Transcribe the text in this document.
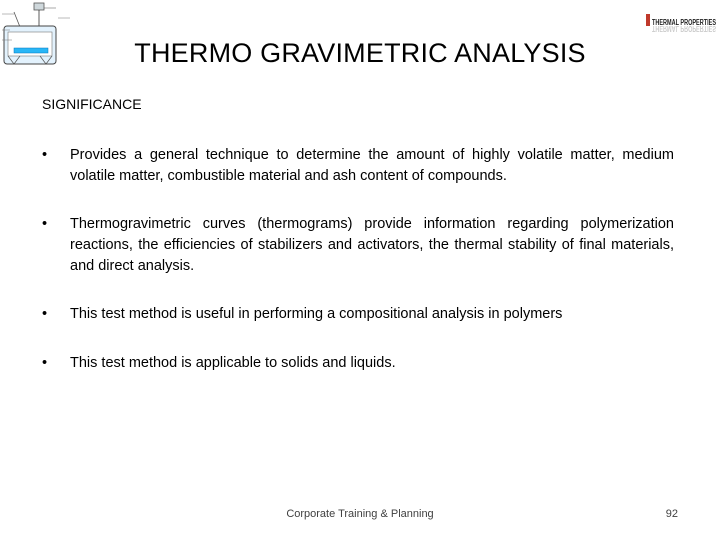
THERMAL PROPERTIES
THERMAL PROPERTIES
THERMO GRAVIMETRIC ANALYSIS
SIGNIFICANCE
• Provides a general technique to determine the amount of highly volatile matter, medium volatile matter, combustible material and ash content of compounds.
• Thermogravimetric curves (thermograms) provide information regarding polymerization reactions, the efficiencies of stabilizers and activators, the thermal stability of final materials, and direct analysis.
• This test method is useful in performing a compositional analysis in polymers
• This test method is applicable to solids and liquids.
Corporate Training & Planning	92
